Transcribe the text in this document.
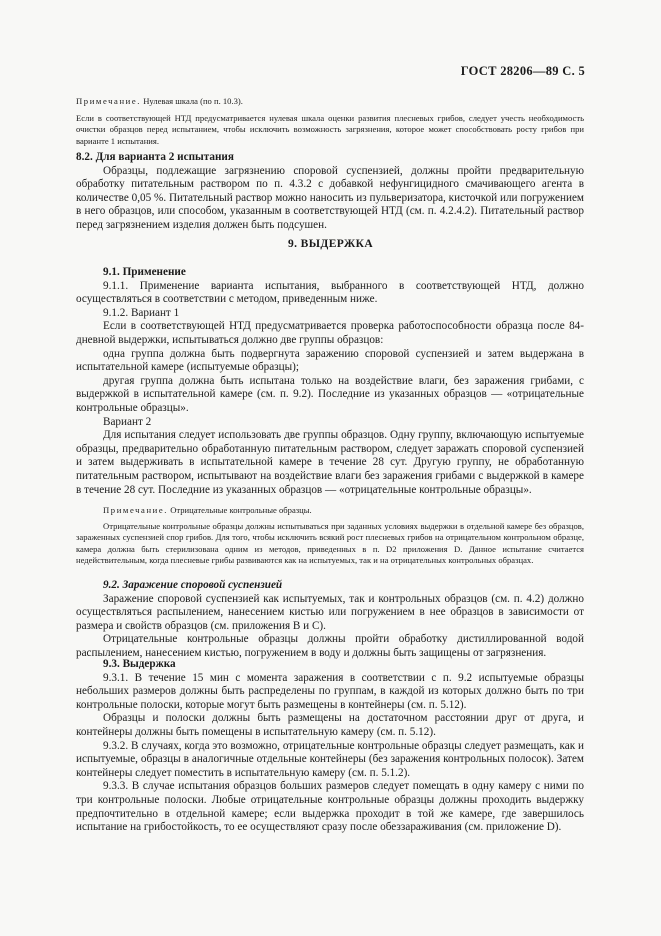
ГОСТ 28206—89 С. 5

Примечание. Нулевая шкала (по п. 10.3).

Если в соответствующей НТД предусматривается нулевая шкала оценки развития плесневых грибов, следует учесть необходимость очистки образцов перед испытанием, чтобы исключить возможность загрязнения, которое может способствовать росту грибов при варианте 1 испытания.

8.2. Для варианта 2 испытания

Образцы, подлежащие загрязнению споровой суспензией, должны пройти предварительную обработку питательным раствором по п. 4.3.2 с добавкой нефунгицидного смачивающего агента в количестве 0,05 %. Питательный раствор можно наносить из пульверизатора, кисточкой или погружением в него образцов, или способом, указанным в соответствующей НТД (см. п. 4.2.4.2). Питательный раствор перед загрязнением изделия должен быть подсушен.

9. ВЫДЕРЖКА

9.1. Применение

9.1.1. Применение варианта испытания, выбранного в соответствующей НТД, должно осуществляться в соответствии с методом, приведенным ниже.

9.1.2. Вариант 1

Если в соответствующей НТД предусматривается проверка работоспособности образца после 84-дневной выдержки, испытываться должно две группы образцов:

одна группа должна быть подвергнута заражению споровой суспензией и затем выдержана в испытательной камере (испытуемые образцы);

другая группа должна быть испытана только на воздействие влаги, без заражения грибами, с выдержкой в испытательной камере (см. п. 9.2). Последние из указанных образцов — «отрицательные контрольные образцы».

Вариант 2

Для испытания следует использовать две группы образцов. Одну группу, включающую испытуемые образцы, предварительно обработанную питательным раствором, следует заражать споровой суспензией и затем выдерживать в испытательной камере в течение 28 сут. Другую группу, не обработанную питательным раствором, испытывают на воздействие влаги без заражения грибами с выдержкой в камере в течение 28 сут. Последние из указанных образцов — «отрицательные контрольные образцы».

Примечание. Отрицательные контрольные образцы.

Отрицательные контрольные образцы должны испытываться при заданных условиях выдержки в отдельной камере без образцов, зараженных суспензией спор грибов. Для того, чтобы исключить всякий рост плесневых грибов на отрицательном контрольном образце, камера должна быть стерилизована одним из методов, приведенных в п. D2 приложения D. Данное испытание считается недействительным, когда плесневые грибы развиваются как на испытуемых, так и на отрицательных контрольных образцах.

9.2. Заражение споровой суспензией

Заражение споровой суспензией как испытуемых, так и контрольных образцов (см. п. 4.2) должно осуществляться распылением, нанесением кистью или погружением в нее образцов в зависимости от размера и свойств образцов (см. приложения В и С).

Отрицательные контрольные образцы должны пройти обработку дистиллированной водой распылением, нанесением кистью, погружением в воду и должны быть защищены от загрязнения.

9.3. Выдержка

9.3.1. В течение 15 мин с момента заражения в соответствии с п. 9.2 испытуемые образцы небольших размеров должны быть распределены по группам, в каждой из которых должно быть по три контрольные полоски, которые могут быть размещены в контейнеры (см. п. 5.12).

Образцы и полоски должны быть размещены на достаточном расстоянии друг от друга, и контейнеры должны быть помещены в испытательную камеру (см. п. 5.12).

9.3.2. В случаях, когда это возможно, отрицательные контрольные образцы следует размещать, как и испытуемые, образцы в аналогичные отдельные контейнеры (без заражения контрольных полосок). Затем контейнеры следует поместить в испытательную камеру (см. п. 5.1.2).

9.3.3. В случае испытания образцов больших размеров следует помещать в одну камеру с ними по три контрольные полоски. Любые отрицательные контрольные образцы должны проходить выдержку предпочтительно в отдельной камере; если выдержка проходит в той же камере, где завершилось испытание на грибостойкость, то ее осуществляют сразу после обеззараживания (см. приложение D).
